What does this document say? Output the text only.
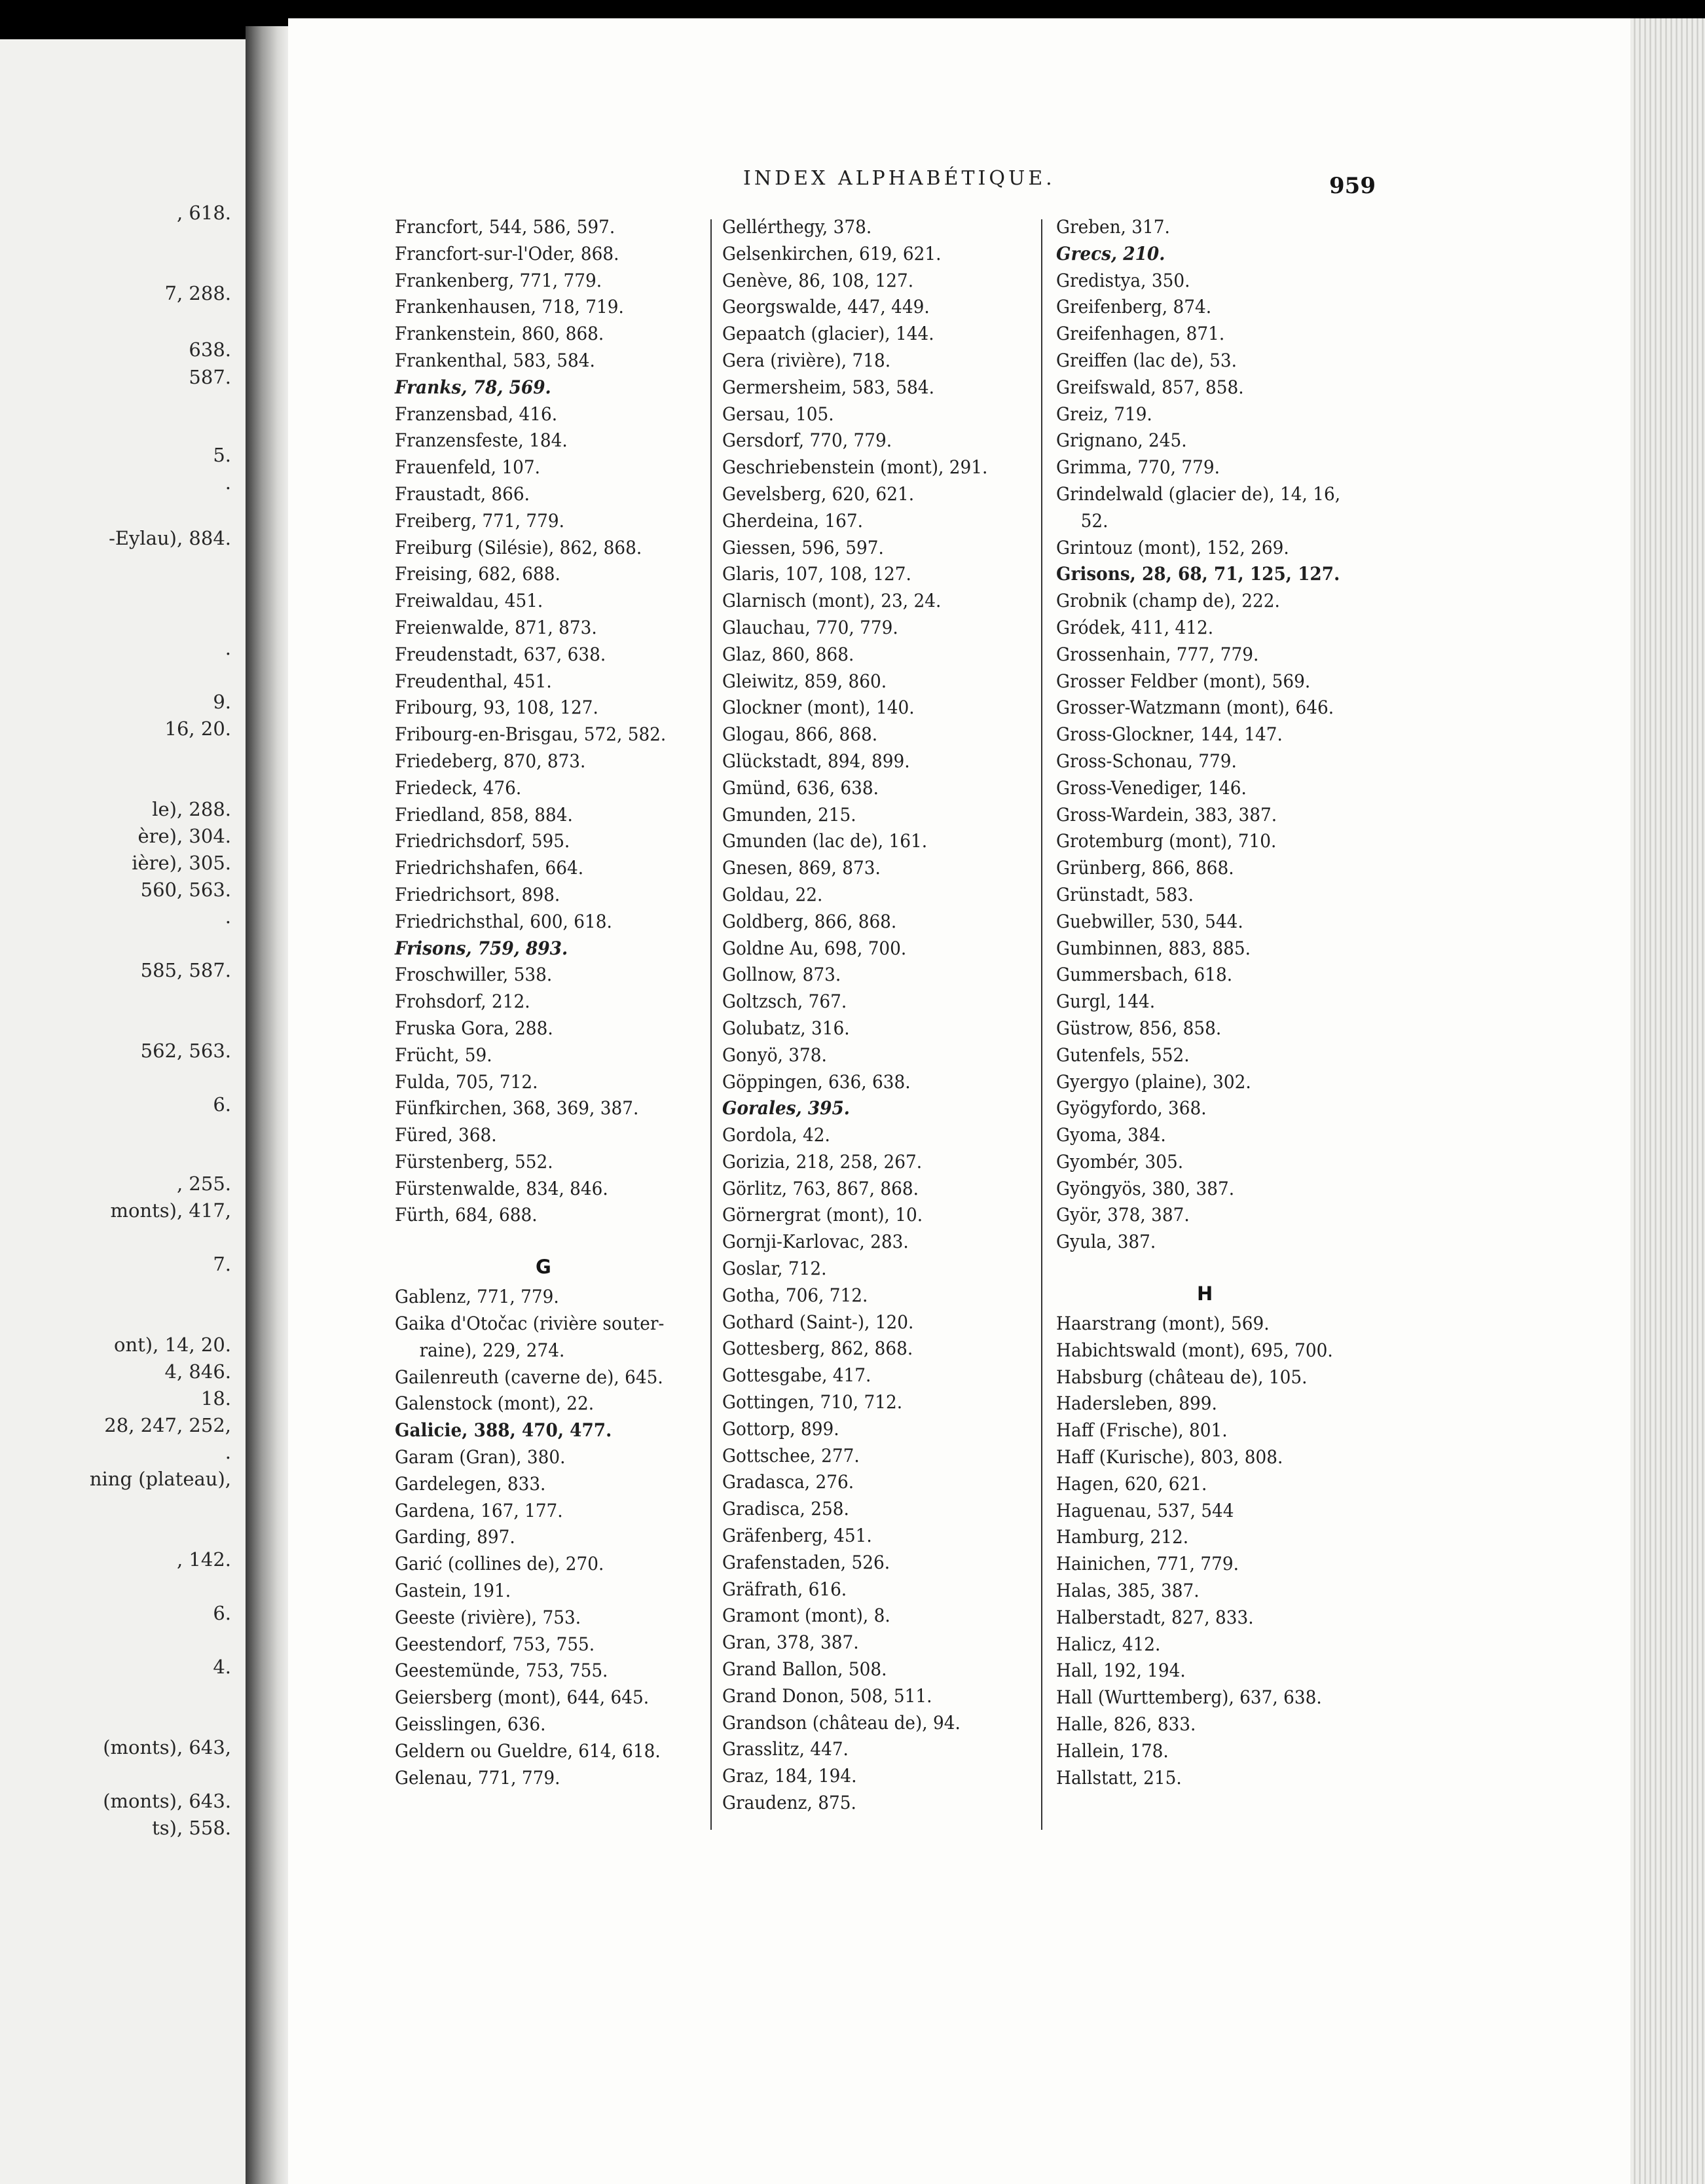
, 618.
7, 288.
638.
587.
5.
.
-Eylau), 884.
.
9.
16, 20.
le), 288.
ère), 304.
ière), 305.
560, 563.
.
585, 587.
562, 563.
6.
, 255.
monts), 417,
7.
ont), 14, 20.
4, 846.
18.
28, 247, 252,
.
ning (plateau),
, 142.
6.
4.
(monts), 643,
(monts), 643.
ts), 558.
INDEX ALPHABÉTIQUE.	959
Francfort, 544, 586, 597.
Francfort-sur-l'Oder, 868.
Frankenberg, 771, 779.
Frankenhausen, 718, 719.
Frankenstein, 860, 868.
Frankenthal, 583, 584.
Franks, 78, 569.
Franzensbad, 416.
Franzensfeste, 184.
Frauenfeld, 107.
Fraustadt, 866.
Freiberg, 771, 779.
Freiburg (Silésie), 862, 868.
Freising, 682, 688.
Freiwaldau, 451.
Freienwalde, 871, 873.
Freudenstadt, 637, 638.
Freudenthal, 451.
Fribourg, 93, 108, 127.
Fribourg-en-Brisgau, 572, 582.
Friedeberg, 870, 873.
Friedeck, 476.
Friedland, 858, 884.
Friedrichsdorf, 595.
Friedrichshafen, 664.
Friedrichsort, 898.
Friedrichsthal, 600, 618.
Frisons, 759, 893.
Froschwiller, 538.
Frohsdorf, 212.
Fruska Gora, 288.
Frücht, 59.
Fulda, 705, 712.
Fünfkirchen, 368, 369, 387.
Füred, 368.
Fürstenberg, 552.
Fürstenwalde, 834, 846.
Fürth, 684, 688.
G
Gablenz, 771, 779.
Gaika d'Otočac (rivière souter-
raine), 229, 274.
Gailenreuth (caverne de), 645.
Galenstock (mont), 22.
Galicie, 388, 470, 477.
Garam (Gran), 380.
Gardelegen, 833.
Gardena, 167, 177.
Garding, 897.
Garić (collines de), 270.
Gastein, 191.
Geeste (rivière), 753.
Geestendorf, 753, 755.
Geestemünde, 753, 755.
Geiersberg (mont), 644, 645.
Geisslingen, 636.
Geldern ou Gueldre, 614, 618.
Gelenau, 771, 779.
Gellérthegy, 378.
Gelsenkirchen, 619, 621.
Genève, 86, 108, 127.
Georgswalde, 447, 449.
Gepaatch (glacier), 144.
Gera (rivière), 718.
Germersheim, 583, 584.
Gersau, 105.
Gersdorf, 770, 779.
Geschriebenstein (mont), 291.
Gevelsberg, 620, 621.
Gherdeina, 167.
Giessen, 596, 597.
Glaris, 107, 108, 127.
Glarnisch (mont), 23, 24.
Glauchau, 770, 779.
Glaz, 860, 868.
Gleiwitz, 859, 860.
Glockner (mont), 140.
Glogau, 866, 868.
Glückstadt, 894, 899.
Gmünd, 636, 638.
Gmunden, 215.
Gmunden (lac de), 161.
Gnesen, 869, 873.
Goldau, 22.
Goldberg, 866, 868.
Goldne Au, 698, 700.
Gollnow, 873.
Goltzsch, 767.
Golubatz, 316.
Gonyö, 378.
Göppingen, 636, 638.
Gorales, 395.
Gordola, 42.
Gorizia, 218, 258, 267.
Görlitz, 763, 867, 868.
Görnergrat (mont), 10.
Gornji-Karlovac, 283.
Goslar, 712.
Gotha, 706, 712.
Gothard (Saint-), 120.
Gottesberg, 862, 868.
Gottesgabe, 417.
Gottingen, 710, 712.
Gottorp, 899.
Gottschee, 277.
Gradasca, 276.
Gradisca, 258.
Gräfenberg, 451.
Grafenstaden, 526.
Gräfrath, 616.
Gramont (mont), 8.
Gran, 378, 387.
Grand Ballon, 508.
Grand Donon, 508, 511.
Grandson (château de), 94.
Grasslitz, 447.
Graz, 184, 194.
Graudenz, 875.
Greben, 317.
Grecs, 210.
Gredistya, 350.
Greifenberg, 874.
Greifenhagen, 871.
Greiffen (lac de), 53.
Greifswald, 857, 858.
Greiz, 719.
Grignano, 245.
Grimma, 770, 779.
Grindelwald (glacier de), 14, 16,
52.
Grintouz (mont), 152, 269.
Grisons, 28, 68, 71, 125, 127.
Grobnik (champ de), 222.
Gródek, 411, 412.
Grossenhain, 777, 779.
Grosser Feldber (mont), 569.
Grosser-Watzmann (mont), 646.
Gross-Glockner, 144, 147.
Gross-Schonau, 779.
Gross-Venediger, 146.
Gross-Wardein, 383, 387.
Grotemburg (mont), 710.
Grünberg, 866, 868.
Grünstadt, 583.
Guebwiller, 530, 544.
Gumbinnen, 883, 885.
Gummersbach, 618.
Gurgl, 144.
Güstrow, 856, 858.
Gutenfels, 552.
Gyergyo (plaine), 302.
Gyögyfordo, 368.
Gyoma, 384.
Gyombér, 305.
Gyöngyös, 380, 387.
Györ, 378, 387.
Gyula, 387.
H
Haarstrang (mont), 569.
Habichtswald (mont), 695, 700.
Habsburg (château de), 105.
Hadersleben, 899.
Haff (Frische), 801.
Haff (Kurische), 803, 808.
Hagen, 620, 621.
Haguenau, 537, 544
Hamburg, 212.
Hainichen, 771, 779.
Halas, 385, 387.
Halberstadt, 827, 833.
Halicz, 412.
Hall, 192, 194.
Hall (Wurttemberg), 637, 638.
Halle, 826, 833.
Hallein, 178.
Hallstatt, 215.
